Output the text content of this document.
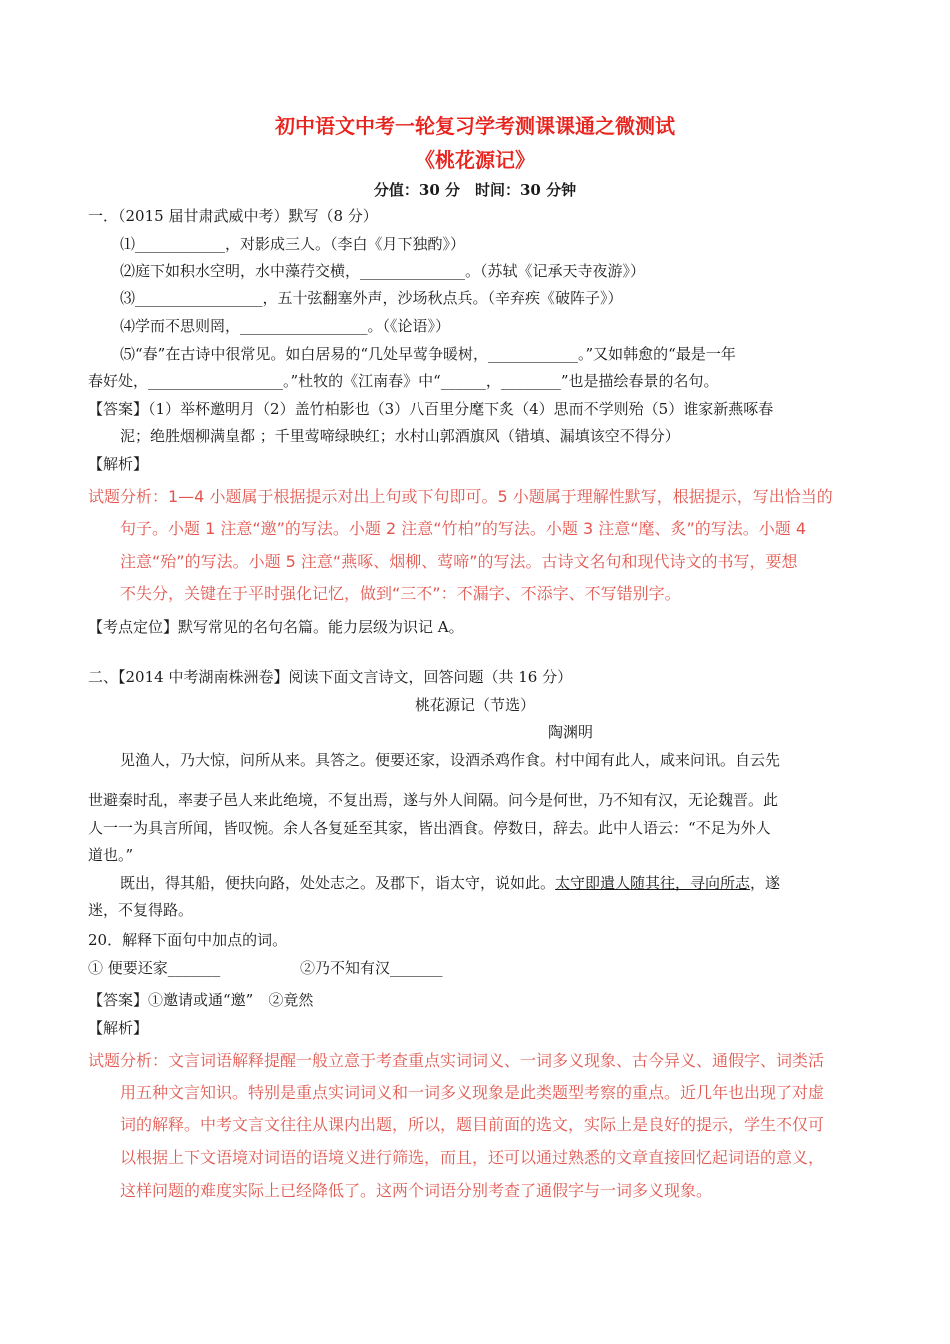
初中语文中考一轮复习学考测课课通之微测试
《桃花源记》
分值：30 分　时间：30 分钟
一．（2015 届甘肃武威中考）默写（8 分）
⑴____________，对影成三人。（李白《月下独酌》）
⑵庭下如积水空明，水中藻荇交横，______________。（苏轼《记承天寺夜游》）
⑶_________________，五十弦翻塞外声，沙场秋点兵。（辛弃疾《破阵子》）
⑷学而不思则罔，_________________。（《论语》）
⑸“春”在古诗中很常见。如白居易的“几处早莺争暖树，____________。”又如韩愈的“最是一年
春好处，__________________。”杜牧的《江南春》中“______，________”也是描绘春景的名句。
【答案】（1）举杯邀明月（2）盖竹柏影也（3）八百里分麾下炙（4）思而不学则殆（5）谁家新燕啄春
泥；绝胜烟柳满皇都 ；千里莺啼绿映红；水村山郭酒旗风（错填、漏填该空不得分）
【解析】
试题分析：1—4 小题属于根据提示对出上句或下句即可。5 小题属于理解性默写，根据提示，写出恰当的
句子。小题 1 注意“邀”的写法。小题 2 注意“竹柏”的写法。小题 3 注意“麾、炙”的写法。小题 4
注意“殆”的写法。小题 5 注意“燕啄、烟柳、莺啼”的写法。古诗文名句和现代诗文的书写，要想
不失分，关键在于平时强化记忆，做到“三不”：不漏字、不添字、不写错别字。
【考点定位】默写常见的名句名篇。能力层级为识记 A。
二、【2014 中考湖南株洲卷】阅读下面文言诗文，回答问题（共 16 分）
桃花源记（节选）
陶渊明
见渔人，乃大惊，问所从来。具答之。便要还家，设酒杀鸡作食。村中闻有此人，咸来问讯。自云先
世避秦时乱，率妻子邑人来此绝境，不复出焉，遂与外人间隔。问今是何世，乃不知有汉，无论魏晋。此
人一一为具言所闻，皆叹惋。余人各复延至其家，皆出酒食。停数日，辞去。此中人语云：“不足为外人
道也。”
既出，得其船，便扶向路，处处志之。及郡下，诣太守，说如此。太守即遣人随其往，寻向所志，遂
迷，不复得路。
20．解释下面句中加点的词。
① 便要还家_______	②乃不知有汉_______
【答案】①邀请或通“邀”　②竟然
【解析】
试题分析：文言词语解释提醒一般立意于考查重点实词词义、一词多义现象、古今异义、通假字、词类活
用五种文言知识。特别是重点实词词义和一词多义现象是此类题型考察的重点。近几年也出现了对虚
词的解释。中考文言文往往从课内出题，所以，题目前面的选文，实际上是良好的提示，学生不仅可
以根据上下文语境对词语的语境义进行筛选，而且，还可以通过熟悉的文章直接回忆起词语的意义，
这样问题的难度实际上已经降低了。这两个词语分别考查了通假字与一词多义现象。
